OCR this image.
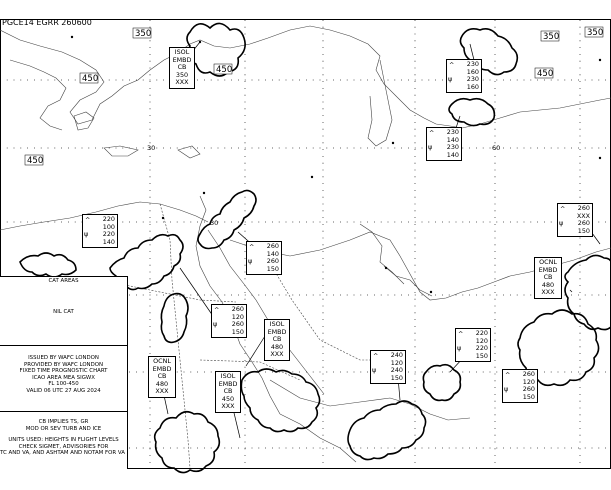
PGCE14 EGRR 260600
30	60
30
350	350	350
450
450	450
450
ISOL
EMBD
CB
350
XXX
ISOL
EMBD
CB
480
XXX
OCNL
EMBD
CB
480
XXX
ISOL
EMBD
CB
450
XXX
OCNL
EMBD
CB
480
XXX
^
ψ
230
160
230
160
^
ψ
230
140
230
140
^
ψ
220
100
220
140
^
ψ
260
140
260
150
^
ψ
260
XXX
260
150
^
ψ
260
120
260
150
^
ψ
240
120
240
150
^
ψ
220
120
220
150
^
ψ
260
120
260
150
CAT AREAS
NIL CAT
ISSUED BY WAFC LONDON
PROVIDED BY WAFC LONDON
FIXED TIME PROGNOSTIC CHART
ICAO AREA MEA SIGWX
FL 100-450
VALID 06 UTC 27 AUG 2024
CB IMPLIES TS, GR
MOD OR SEV TURB AND ICE
UNITS USED: HEIGHTS IN FLIGHT LEVELS
CHECK SIGMET, ADVISORIES FOR
TC AND VA, AND ASHTAM AND NOTAM FOR VA
